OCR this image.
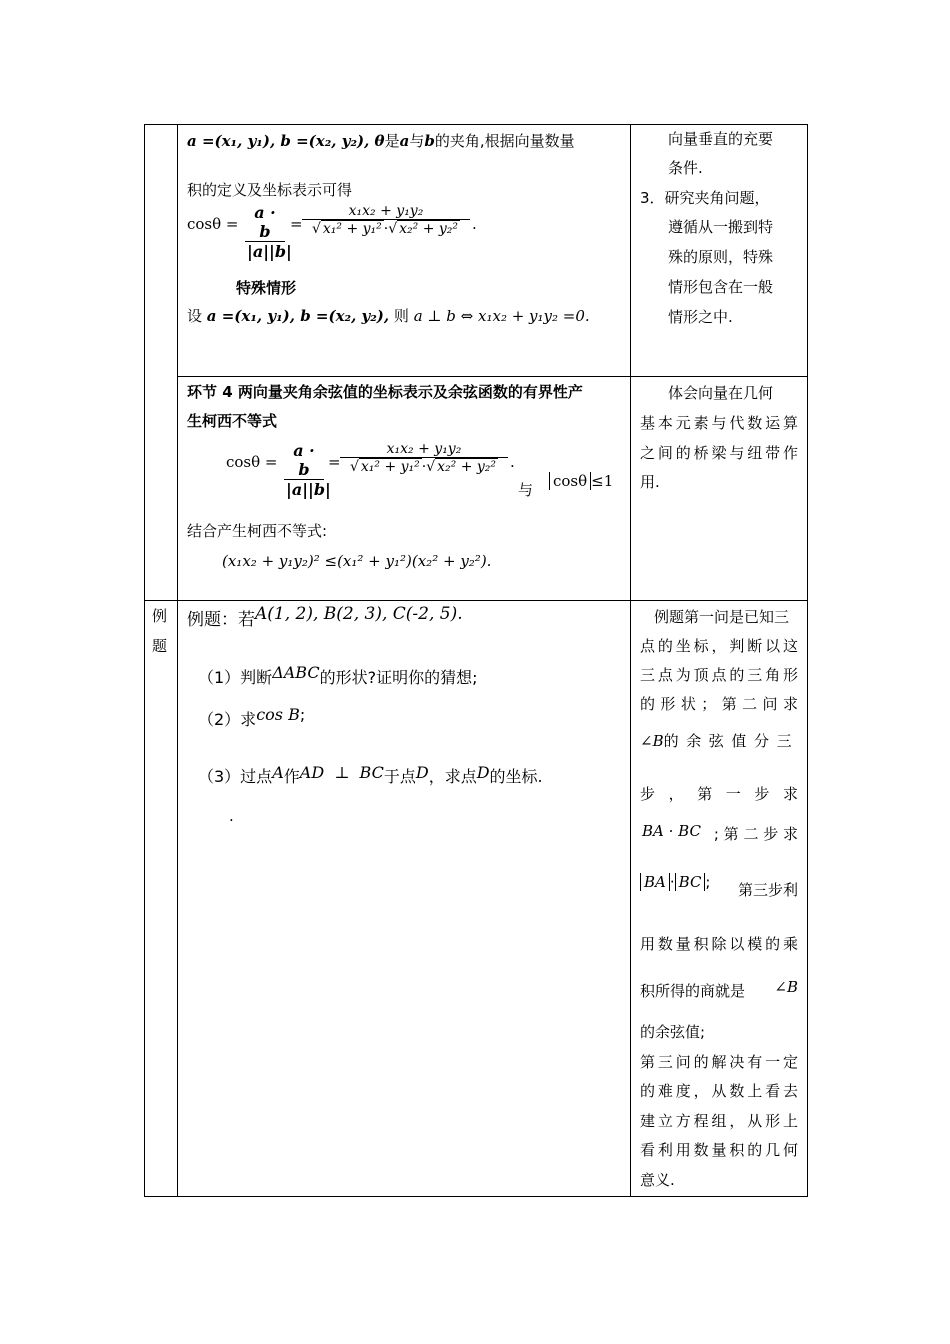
a =(x₁, y₁), b =(x₂, y₂), θ是a与b的夹角,根据向量数量
积的定义及坐标表示可得
cosθ =
a · b
|a||b|
=
x₁x₂ + y₁y₂
√ x₁² + y₁² ·√ x₂² + y₂² .
特殊情形
设 a =(x₁, y₁), b =(x₂, y₂), 则 a ⊥ b ⇔ x₁x₂ + y₁y₂ =0.
向量垂直的充要
条件.
3．研究夹角问题，
遵循从一搬到特
殊的原则，特殊
情形包含在一般
情形之中.
环节 4 两向量夹角余弦值的坐标表示及余弦函数的有界性产
生柯西不等式
cosθ =
a · b
|a||b|
=
x₁x₂ + y₁y₂
√ x₁² + y₁² ·√ x₂² + y₂² .
与 cosθ ≤1
结合产生柯西不等式:
(x₁x₂ + y₁y₂)² ≤(x₁² + y₁²)(x₂² + y₂²).
体会向量在几何
基本元素与代数运算
之间的桥梁与纽带作
用.
例
题
例题：若A(1, 2), B(2, 3), C(-2, 5).
（1）判断ΔABC的形状?证明你的猜想;
（2）求cos B;
（3）过点A作AD  ⊥  BC于点D，求点D的坐标.
.
例题第一问是已知三
点的坐标，判断以这
三点为顶点的三角形
的形状；第二问求
∠B的余弦值分三
步，第一步求
BA · BC ; 第 二 步 求
BA · BC ; 第三步利
用数量积除以模的乘
积所得的商就是 ∠B
的余弦值;
第三问的解决有一定
的难度，从数上看去
建立方程组，从形上
看利用数量积的几何
意义.
